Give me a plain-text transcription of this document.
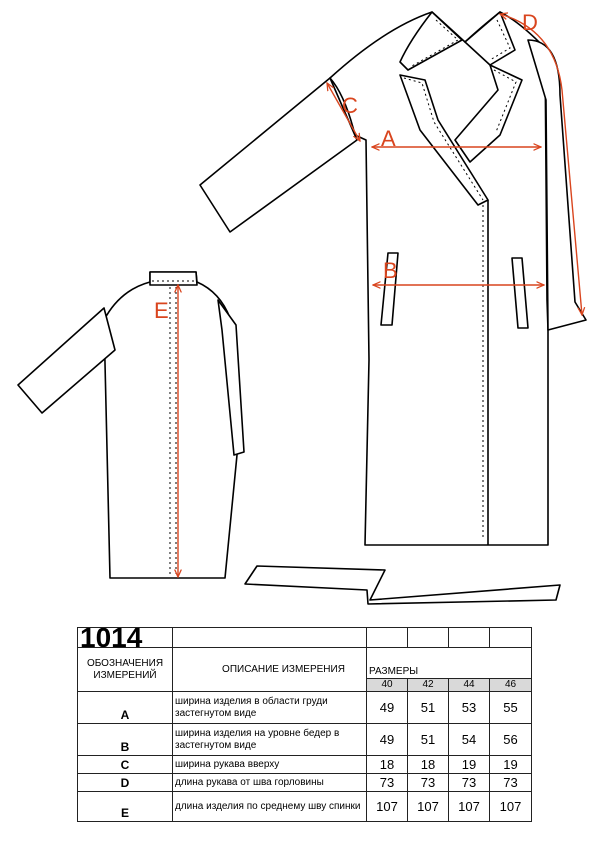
A
B
C
D
E
1014					
ОБОЗНАЧЕНИЯ ИЗМЕРЕНИЙ	ОПИСАНИЕ ИЗМЕРЕНИЯ	РАЗМЕРЫ			
		40	42	44	46
A	ширина изделия в области груди застегнутом виде	49	51	53	55
B	ширина изделия на уровне бедер в застегнутом виде	49	51	54	56
C	ширина рукава вверху	18	18	19	19
D	длина рукава от шва горловины	73	73	73	73
E	длина изделия по среднему шву спинки	107	107	107	107
